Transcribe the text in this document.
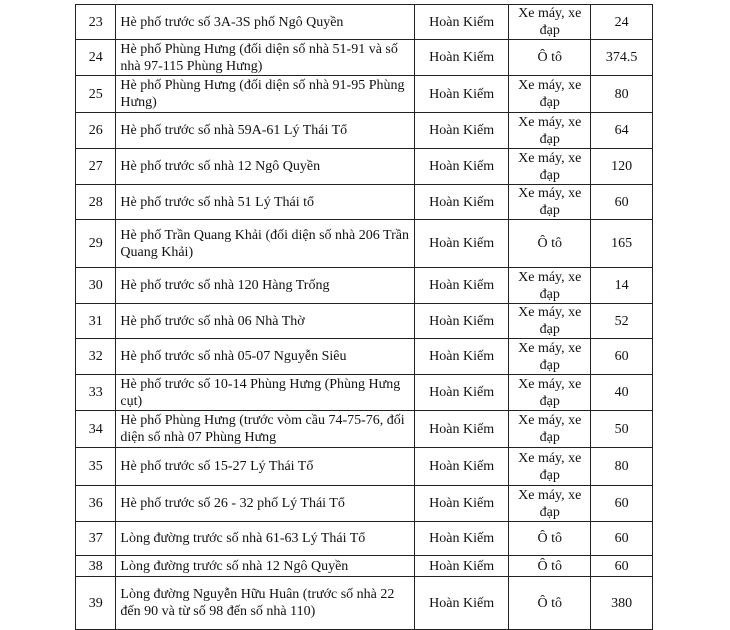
23	Hè phố trước số 3A-3S phố Ngô Quyền	Hoàn Kiếm	Xe máy, xe đạp	24
24	Hè phố Phùng Hưng (đối diện số nhà 51-91 và số nhà 97-115 Phùng Hưng)	Hoàn Kiếm	Ô tô	374.5
25	Hè phố Phùng Hưng (đối diện số nhà 91-95 Phùng Hưng)	Hoàn Kiếm	Xe máy, xe đạp	80
26	Hè phố trước số nhà 59A-61 Lý Thái Tổ	Hoàn Kiếm	Xe máy, xe đạp	64
27	Hè phố trước số nhà 12 Ngô Quyền	Hoàn Kiếm	Xe máy, xe đạp	120
28	Hè phố trước số nhà 51 Lý Thái tổ	Hoàn Kiếm	Xe máy, xe đạp	60
29	Hè phố Trần Quang Khải (đối diện số nhà 206 Trần Quang Khải)	Hoàn Kiếm	Ô tô	165
30	Hè phố trước số nhà 120 Hàng Trống	Hoàn Kiếm	Xe máy, xe đạp	14
31	Hè phố trước số nhà 06 Nhà Thờ	Hoàn Kiếm	Xe máy, xe đạp	52
32	Hè phố trước số nhà 05-07 Nguyễn Siêu	Hoàn Kiếm	Xe máy, xe đạp	60
33	Hè phố trước số 10-14 Phùng Hưng (Phùng Hưng cụt)	Hoàn Kiếm	Xe máy, xe đạp	40
34	Hè phố Phùng Hưng (trước vòm cầu 74-75-76, đối diện số nhà 07 Phùng Hưng	Hoàn Kiếm	Xe máy, xe đạp	50
35	Hè phố trước số 15-27 Lý Thái Tổ	Hoàn Kiếm	Xe máy, xe đạp	80
36	Hè phố trước số 26 - 32 phố Lý Thái Tổ	Hoàn Kiếm	Xe máy, xe đạp	60
37	Lòng đường trước số nhà 61-63 Lý Thái Tổ	Hoàn Kiếm	Ô tô	60
38	Lòng đường trước số nhà 12 Ngô Quyền	Hoàn Kiếm	Ô tô	60
39	Lòng đường Nguyễn Hữu Huân (trước số nhà 22 đến 90 và từ số 98 đến số nhà 110)	Hoàn Kiếm	Ô tô	380
